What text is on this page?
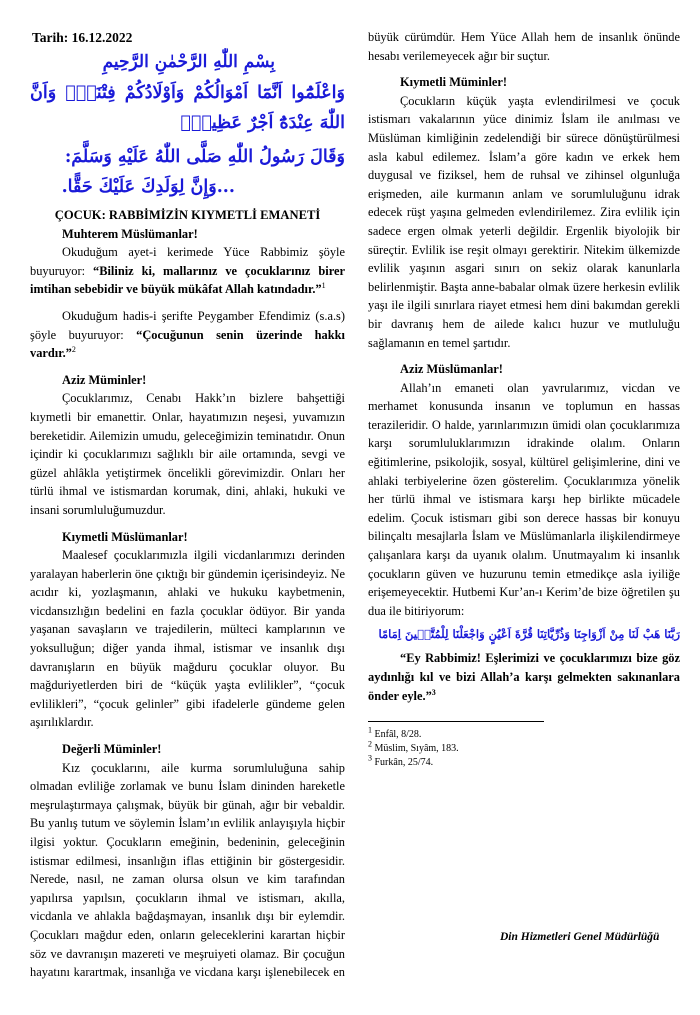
Tarih: 16.12.2022
بِسْمِ اللّٰهِ الرَّحْمٰنِ الرَّحِيمِ
وَاعْلَمُٓوا اَنَّمَٓا اَمْوَالُكُمْ وَاَوْلَادُكُمْ فِتْنَةٌۙ وَاَنَّ اللّٰهَ عِنْدَهُٓ اَجْرٌ عَظِيمٌ۟
وَقَالَ رَسُولُ اللّٰهِ صَلَّى اللّٰهُ عَلَيْهِ وَسَلَّمَ:
...وَإِنَّ لِوَلَدِكَ عَلَيْكَ حَقًّا.
ÇOCUK: RABBİMİZİN KIYMETLİ EMANETİ
Muhterem Müslümanlar!

Okuduğum ayet-i kerimede Yüce Rabbimiz şöyle buyuruyor: “Biliniz ki, mallarınız ve çocuklarınız birer imtihan sebebidir ve büyük mükâfat Allah katındadır.”$^1$

Okuduğum hadis-i şerifte Peygamber Efendimiz (s.a.s) şöyle buyuruyor: “Çocuğunun senin üzerinde hakkı vardır.”$^2$

Aziz Müminler!

Çocuklarımız, Cenabı Hakk’ın bizlere bahşettiği kıymetli bir emanettir. Onlar, hayatımızın neşesi, yuvamızın bereketidir. Ailemizin umudu, geleceğimizin teminatıdır. Onun içindir ki çocuklarımızı sağlıklı bir aile ortamında, sevgi ve güzel ahlâkla yetiştirmek öncelikli görevimizdir. Onları her türlü ihmal ve istismardan korumak, dini, ahlaki, hukuki ve insani sorumluluğumuzdur.

Kıymetli Müslümanlar!

Maalesef çocuklarımızla ilgili vicdanlarımızı derinden yaralayan haberlerin öne çıktığı bir gündemin içerisindeyiz. Ne acıdır ki, yozlaşmanın, ahlaki ve hukuku kaybetmenin, vicdansızlığın bedelini en fazla çocuklar ödüyor. Bir yanda yaşanan savaşların ve trajedilerin, mülteci kamplarının ve yoksulluğun; diğer yanda ihmal, istismar ve insanlık dışı davranışların en büyük mağduru çocuklar oluyor. Bu mağduriyetlerden biri de “küçük yaşta evlilikler”, “çocuk evlilikleri”, “çocuk gelinler” gibi ifadelerle gündeme gelen aşırılıklardır.

Değerli Müminler!

Kız çocuklarını, aile kurma sorumluluğuna sahip olmadan evliliğe zorlamak ve bunu İslam dininden hareketle meşrulaştırmaya çalışmak, büyük bir günah, ağır bir vebaldir. Bu yanlış tutum ve söylemin İslam’ın evlilik anlayışıyla hiçbir ilgisi yoktur. Çocukların emeğinin, bedeninin, geleceğinin istismar edilmesi, insanlığın iflas ettiğinin bir göstergesidir. Nerede, nasıl, ne zaman olursa olsun ve kim tarafından yapılırsa yapılsın, çocukların ihmal ve istismarı, akılla, vicdanla ve ahlakla bağdaşmayan, insanlık dışı bir eylemdir. Çocukları mağdur eden, onların geleceklerini karartan hiçbir söz ve davranışın mazereti ve meşruiyeti olamaz. Bir çocuğun hayatını karartmak, insanlığa ve vicdana karşı işlenebilecek en

büyük cürümdür. Hem Yüce Allah hem de insanlık önünde hesabı verilemeyecek ağır bir suçtur.

Kıymetli Müminler!

Çocukların küçük yaşta evlendirilmesi ve çocuk istismarı vakalarının yüce dinimiz İslam ile anılması ve Müslüman kimliğinin zedelendiği bir sürece dönüştürülmesi asla kabul edilemez. İslam’a göre kadın ve erkek hem duygusal ve fiziksel, hem de ruhsal ve zihinsel olgunluğa erişmeden, aile kurmanın anlam ve sorumluluğunu idrak edecek rüşt yaşına gelmeden evlendirilemez. Zira evlilik için sadece ergen olmak yeterli değildir. Ergenlik biyolojik bir süreçtir. Evlilik ise reşit olmayı gerektirir. Nitekim ülkemizde evlilik yaşının asgari sınırı on sekiz olarak kanunlarla belirlenmiştir. Başta anne-babalar olmak üzere herkesin evlilik yaşı ile ilgili sınırlara riayet etmesi hem dini bakımdan gerekli bir davranış hem de ailede kalıcı huzur ve mutluluğu sağlamanın en temel şartıdır.

Aziz Müslümanlar!

Allah’ın emaneti olan yavrularımız, vicdan ve merhamet konusunda insanın ve toplumun en hassas terazileridir. O halde, yarınlarımızın ümidi olan çocuklarımıza karşı sorumluluklarımızın idrakinde olalım. Onların eğitimlerine, psikolojik, sosyal, kültürel gelişimlerine, dini ve ahlaki terbiyelerine özen gösterelim. Çocuklarımıza yönelik her türlü ihmal ve istismara karşı hep birlikte mücadele edelim. Çocuk istismarı gibi son derece hassas bir konuyu bilinçaltı mesajlarla İslam ve Müslümanlarla ilişkilendirmeye çalışanlara karşı da uyanık olalım. Unutmayalım ki insanlık çocukların güven ve huzurunu temin etmedikçe asla iyiliğe erişemeyecektir. Hutbemi Kur’an-ı Kerim’de bize öğretilen şu dua ile bitiriyorum:

رَبَّنَا هَبْ لَنَا مِنْ اَزْوَاجِنَا وَذُرِّيَّاتِنَا قُرَّةَ اَعْيُنٍ وَاجْعَلْنَا لِلْمُتَّق۪ينَ اِمَامًا

“Ey Rabbimiz! Eşlerimizi ve çocuklarımızı bize göz aydınlığı kıl ve bizi Allah’a karşı gelmekten sakınanlara önder eyle.”$^3$

$^1$ Enfâl, 8/28.
$^2$ Müslim, Sıyâm, 183.
$^3$ Furkân, 25/74.
Din Hizmetleri Genel Müdürlüğü
